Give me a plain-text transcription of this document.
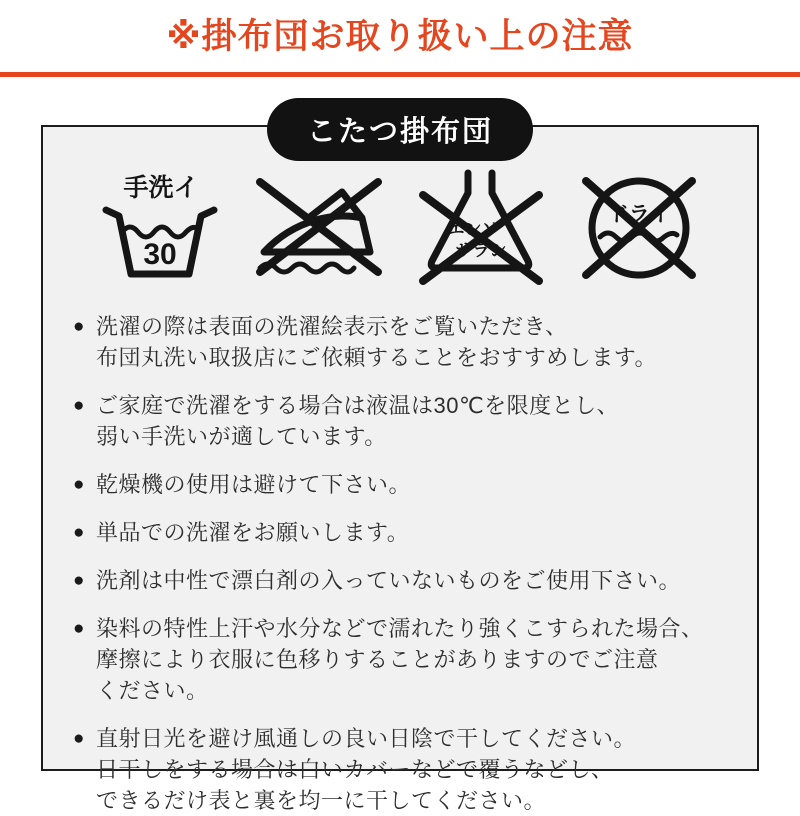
※掛布団お取り扱い上の注意
こたつ掛布団
手洗イ
30
エンソ
サラシ
ドライ
● 洗濯の際は表面の洗濯絵表示をご覧いただき、
布団丸洗い取扱店にご依頼することをおすすめします。
● ご家庭で洗濯をする場合は液温は30℃を限度とし、
弱い手洗いが適しています。
● 乾燥機の使用は避けて下さい。
● 単品での洗濯をお願いします。
● 洗剤は中性で漂白剤の入っていないものをご使用下さい。
● 染料の特性上汗や水分などで濡れたり強くこすられた場合、
摩擦により衣服に色移りすることがありますのでご注意
ください。
● 直射日光を避け風通しの良い日陰で干してください。
日干しをする場合は白いカバーなどで覆うなどし、
できるだけ表と裏を均一に干してください。
